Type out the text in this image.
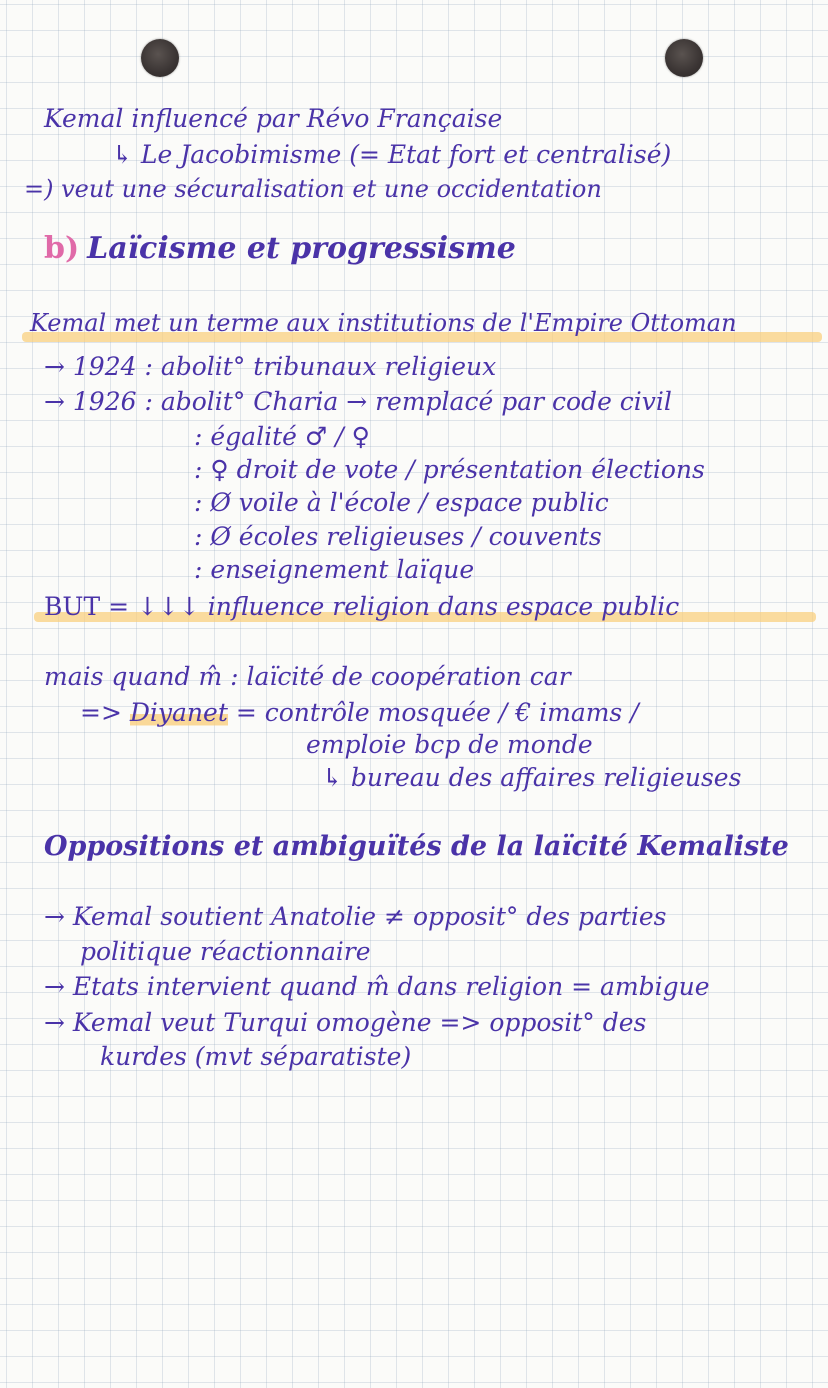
Kemal influencé par Révo Française
↳ Le Jacobimisme (= Etat fort et centralisé)
=) veut une sécuralisation et une occidentation
b) Laïcisme et progressisme
Kemal met un terme aux institutions de l'Empire Ottoman
→ 1924 : abolit° tribunaux religieux
→ 1926 : abolit° Charia → remplacé par code civil
: égalité ♂ / ♀
: ♀ droit de vote / présentation élections
: Ø voile à l'école / espace public
: Ø écoles religieuses / couvents
: enseignement laïque
BUT = ↓↓↓ influence religion dans espace public
mais quand m̂ : laïcité de coopération car
=> Diyanet = contrôle mosquée / € imams /
emploie bcp de monde
↳ bureau des affaires religieuses
Oppositions et ambiguïtés de la laïcité Kemaliste
→ Kemal soutient Anatolie ≠ opposit° des parties
politique réactionnaire
→ Etats intervient quand m̂ dans religion = ambigue
→ Kemal veut Turqui omogène => opposit° des
kurdes (mvt séparatiste)
